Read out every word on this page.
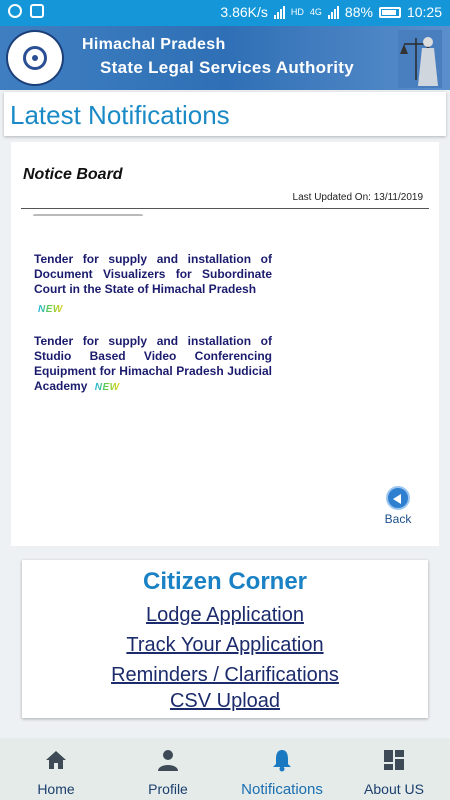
3.86K/s	HD 4G 88% 10:25
Himachal Pradesh
State Legal Services Authority
Latest Notifications
Notice Board
Last Updated On: 13/11/2019
Tender for supply and installation of Document Visualizers for Subordinate Court in the State of Himachal Pradesh
NEW
Tender for supply and installation of Studio Based Video Conferencing Equipment for Himachal Pradesh Judicial Academy NEW
Back
Citizen Corner
Lodge Application
Track Your Application
Reminders / Clarifications
CSV Upload
Home	Profile	Notifications	About US
